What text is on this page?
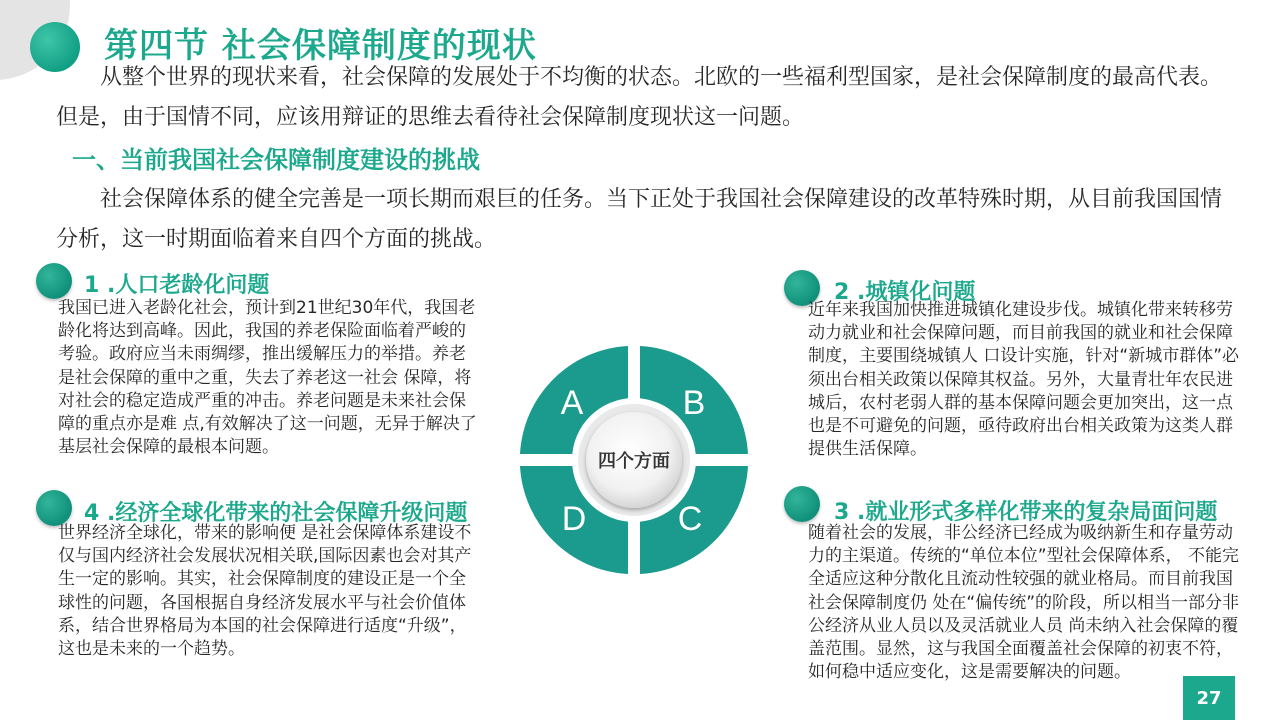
第四节 社会保障制度的现状

从整个世界的现状来看，社会保障的发展处于不均衡的状态。北欧的一些福利型国家，是社会保障制度的最高代表。但是，由于国情不同，应该用辩证的思维去看待社会保障制度现状这一问题。

一、当前我国社会保障制度建设的挑战

社会保障体系的健全完善是一项长期而艰巨的任务。当下正处于我国社会保障建设的改革特殊时期，从目前我国国情分析，这一时期面临着来自四个方面的挑战。

1 .人口老龄化问题

我国已进入老龄化社会，预计到21世纪30年代，我国老龄化将达到高峰。因此，我国的养老保险面临着严峻的考验。政府应当未雨绸缪，推出缓解压力的举措。养老是社会保障的重中之重，失去了养老这一社会 保障，将对社会的稳定造成严重的冲击。养老问题是未来社会保障的重点亦是难 点,有效解决了这一问题，无异于解决了基层社会保障的最根本问题。

2 .城镇化问题

近年来我国加快推进城镇化建设步伐。城镇化带来转移劳动力就业和社会保障问题，而目前我国的就业和社会保障制度，主要围绕城镇人 口设计实施，针对“新城市群体”必须出台相关政策以保障其权益。另外，大量青壮年农民进城后，农村老弱人群的基本保障问题会更加突出，这一点也是不可避免的问题，亟待政府出台相关政策为这类人群提供生活保障。

4 .经济全球化带来的社会保障升级问题

世界经济全球化，带来的影响便 是社会保障体系建设不仅与国内经济社会发展状况相关联,国际因素也会对其产生一定的影响。其实，社会保障制度的建设正是一个全球性的问题，各国根据自身经济发展水平与社会价值体系，结合世界格局为本国的社会保障进行适度“升级”，这也是未来的一个趋势。

3 .就业形式多样化带来的复杂局面问题

随着社会的发展，非公经济已经成为吸纳新生和存量劳动力的主渠道。传统的“单位本位”型社会保障体系， 不能完全适应这种分散化且流动性较强的就业格局。而目前我国社会保障制度仍 处在“偏传统”的阶段，所以相当一部分非公经济从业人员以及灵活就业人员 尚未纳入社会保障的覆盖范围。显然，这与我国全面覆盖社会保障的初衷不符， 如何稳中适应变化，这是需要解决的问题。

四个方面
A	B
C
D
27
